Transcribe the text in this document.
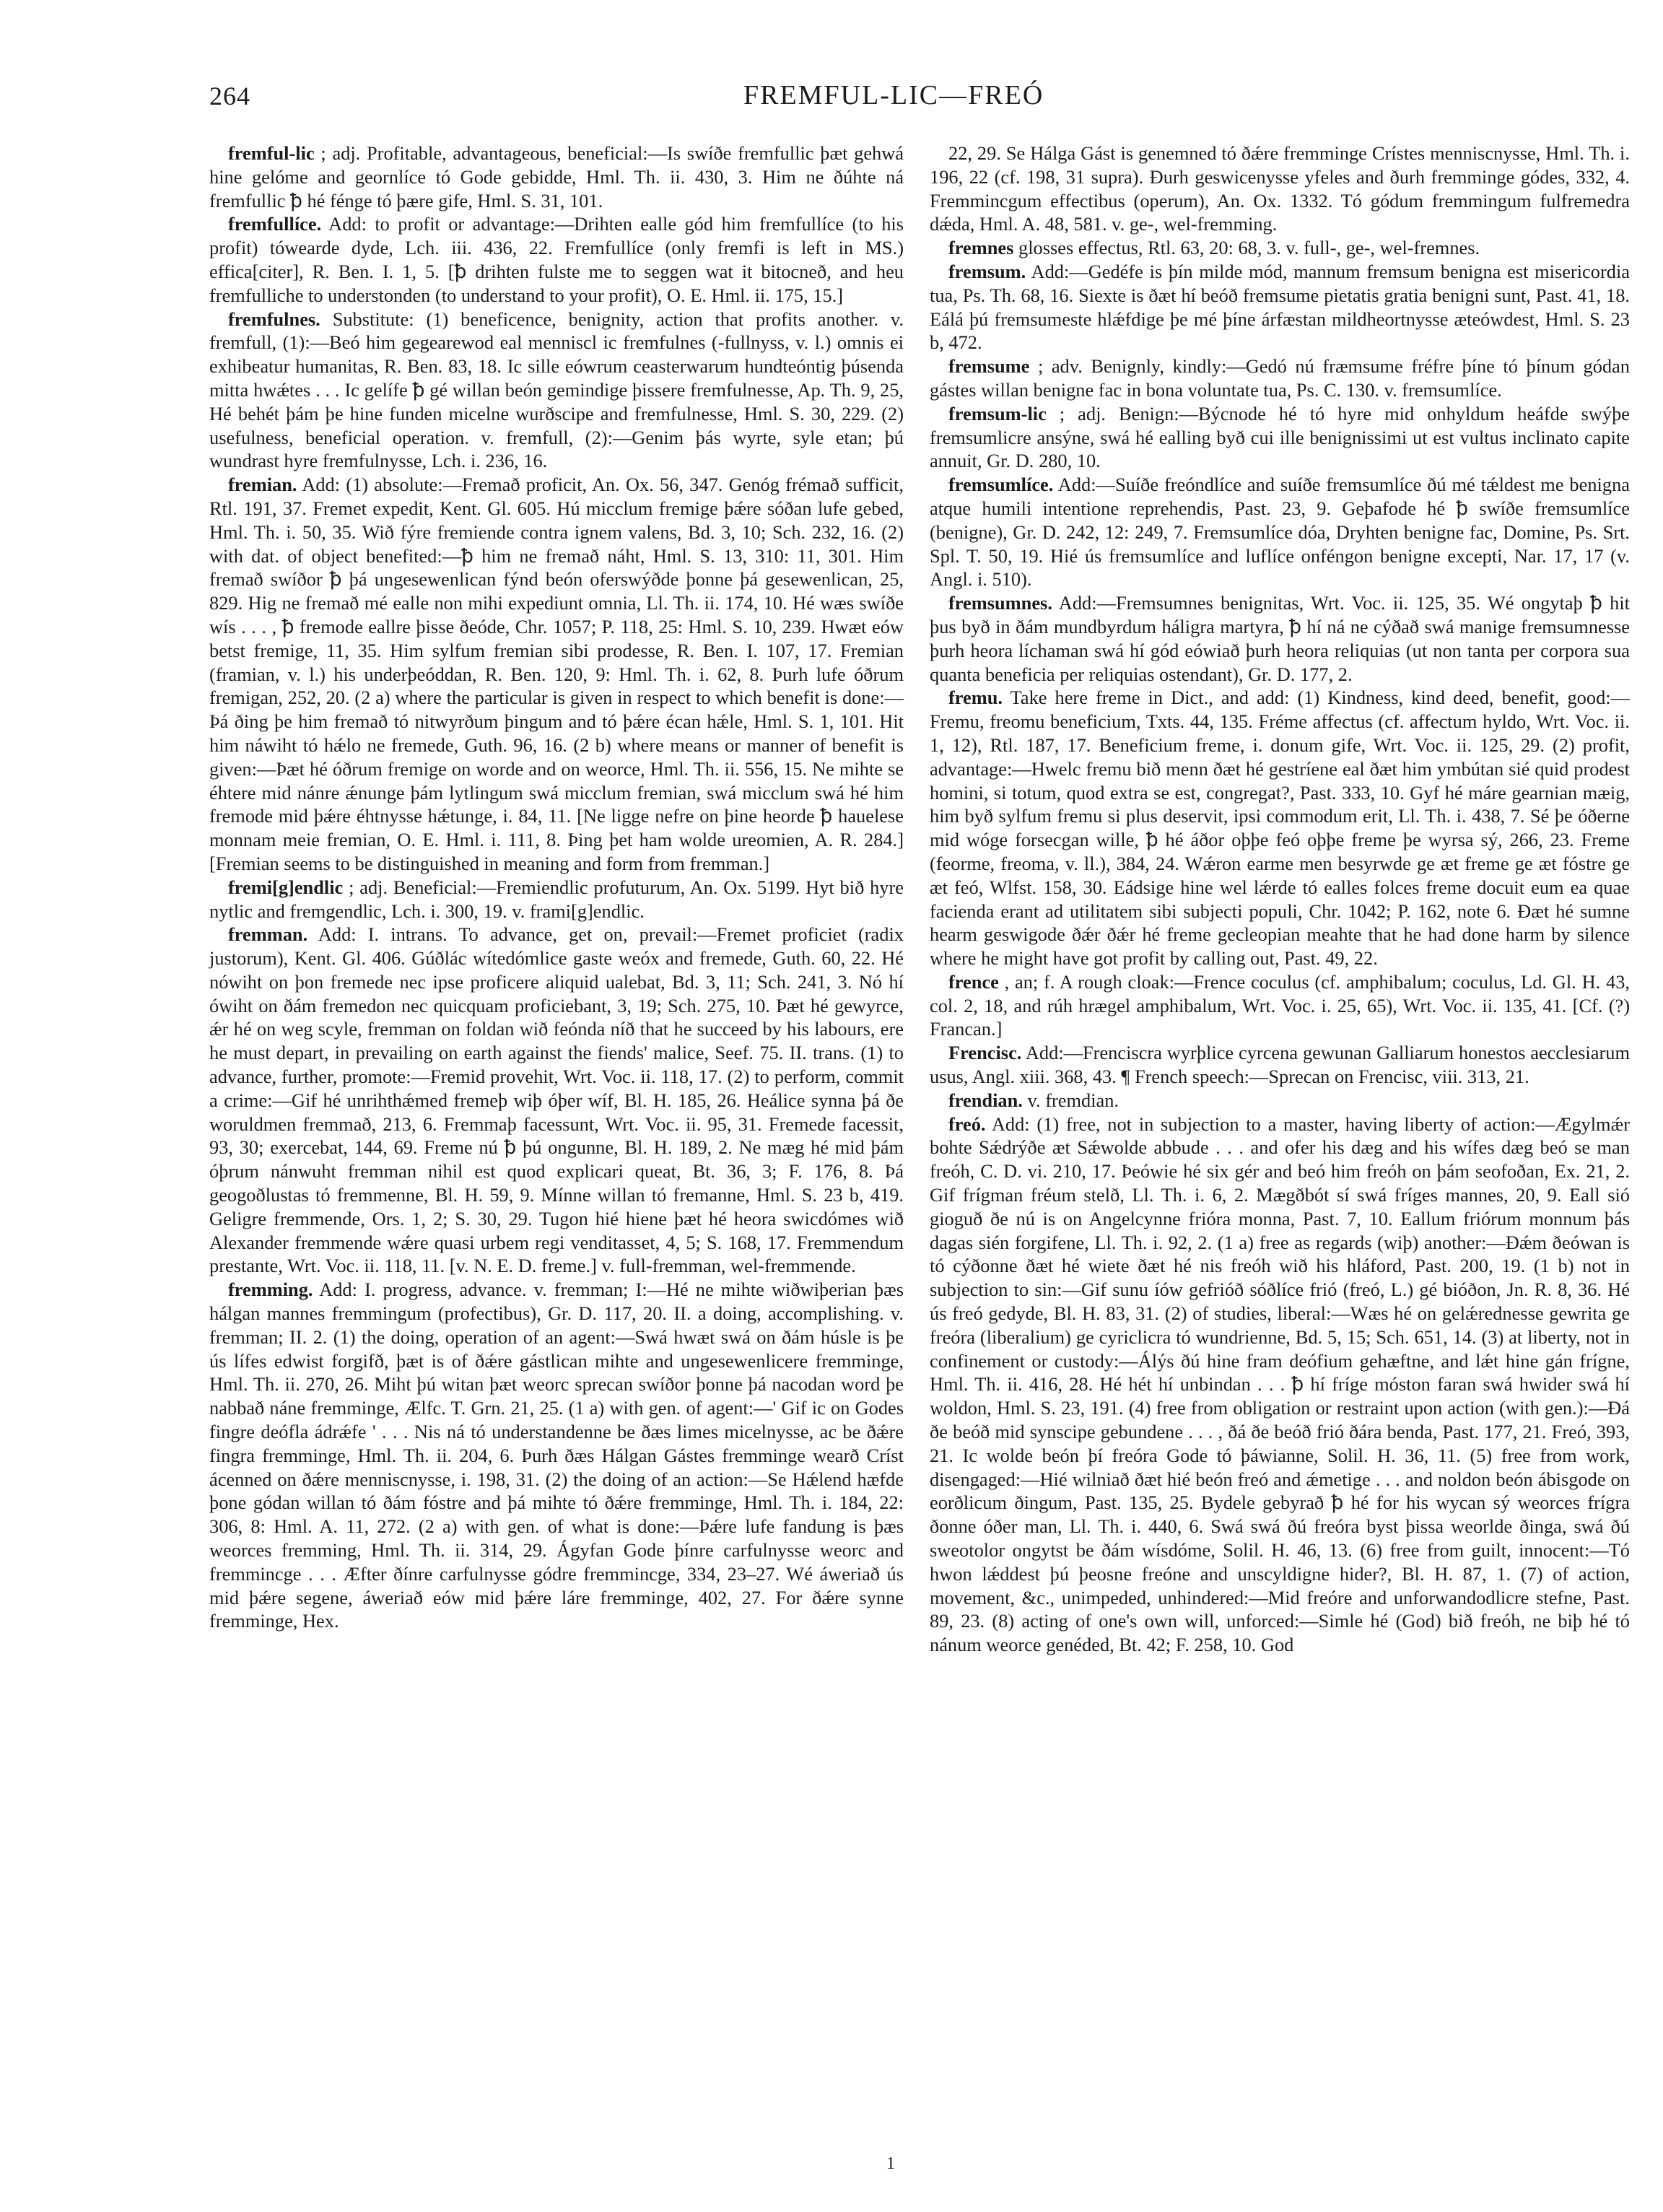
264	FREMFUL-LIC—FREÓ

fremful-lic ; adj. Profitable, advantageous, beneficial:—Is swíðe fremfullic þæt gehwá hine gelóme and geornlíce tó Gode gebidde, Hml. Th. ii. 430, 3. Him ne ðúhte ná fremfullic ꝥ hé fénge tó þære gife, Hml. S. 31, 101.

fremfullíce. Add: to profit or advantage:—Drihten ealle gód him fremfullíce (to his profit) tówearde dyde, Lch. iii. 436, 22. Fremfullíce (only fremfi is left in MS.) effica[citer], R. Ben. I. 1, 5. [ꝥ drihten fulste me to seggen wat it bitocneð, and heu fremfulliche to understonden (to understand to your profit), O. E. Hml. ii. 175, 15.]

fremfulnes. Substitute: (1) beneficence, benignity, action that profits another. v. fremfull, (1):—Beó him gegearewod eal menniscl ic fremfulnes (-fullnyss, v. l.) omnis ei exhibeatur humanitas, R. Ben. 83, 18. Ic sille eówrum ceasterwarum hundteóntig þúsenda mitta hwǽtes . . . Ic gelífe ꝥ gé willan beón gemindige þissere fremfulnesse, Ap. Th. 9, 25, Hé behét þám þe hine funden micelne wurðscipe and fremfulnesse, Hml. S. 30, 229. (2) usefulness, beneficial operation. v. fremfull, (2):—Genim þás wyrte, syle etan; þú wundrast hyre fremfulnysse, Lch. i. 236, 16.

fremian. Add: (1) absolute:—Fremað proficit, An. Ox. 56, 347. Genóg frémað sufficit, Rtl. 191, 37. Fremet expedit, Kent. Gl. 605. Hú micclum fremige þǽre sóðan lufe gebed, Hml. Th. i. 50, 35. Wið fýre fremiende contra ignem valens, Bd. 3, 10; Sch. 232, 16. (2) with dat. of object benefited:—ꝥ him ne fremað náht, Hml. S. 13, 310: 11, 301. Him fremað swíðor ꝥ þá ungesewenlican fýnd beón oferswýðde þonne þá gesewenlican, 25, 829. Hig ne fremað mé ealle non mihi expediunt omnia, Ll. Th. ii. 174, 10. Hé wæs swíðe wís . . . , ꝥ fremode eallre þisse ðeóde, Chr. 1057; P. 118, 25: Hml. S. 10, 239. Hwæt eów betst fremige, 11, 35. Him sylfum fremian sibi prodesse, R. Ben. I. 107, 17. Fremian (framian, v. l.) his underþeóddan, R. Ben. 120, 9: Hml. Th. i. 62, 8. Þurh lufe óðrum fremigan, 252, 20. (2 a) where the particular is given in respect to which benefit is done:—Þá ðing þe him fremað tó nitwyrðum þingum and tó þǽre écan hǽle, Hml. S. 1, 101. Hit him náwiht tó hǽlo ne fremede, Guth. 96, 16. (2 b) where means or manner of benefit is given:—Þæt hé óðrum fremige on worde and on weorce, Hml. Th. ii. 556, 15. Ne mihte se éhtere mid nánre ǽnunge þám lytlingum swá micclum fremian, swá micclum swá hé him fremode mid þǽre éhtnysse hǽtunge, i. 84, 11. [Ne ligge nefre on þine heorde ꝥ hauelese monnam meie fremian, O. E. Hml. i. 111, 8. Þing þet ham wolde ureomien, A. R. 284.] [Fremian seems to be distinguished in meaning and form from fremman.]

fremi[g]endlic ; adj. Beneficial:—Fremiendlic profuturum, An. Ox. 5199. Hyt bið hyre nytlic and fremgendlic, Lch. i. 300, 19. v. frami[g]endlic.

fremman. Add: I. intrans. To advance, get on, prevail:—Fremet proficiet (radix justorum), Kent. Gl. 406. Gúðlác wítedómlice gaste weóx and fremede, Guth. 60, 22. Hé nówiht on þon fremede nec ipse proficere aliquid ualebat, Bd. 3, 11; Sch. 241, 3. Nó hí ówiht on ðám fremedon nec quicquam proficiebant, 3, 19; Sch. 275, 10. Þæt hé gewyrce, ǽr hé on weg scyle, fremman on foldan wið feónda níð that he succeed by his labours, ere he must depart, in prevailing on earth against the fiends' malice, Seef. 75. II. trans. (1) to advance, further, promote:—Fremid provehit, Wrt. Voc. ii. 118, 17. (2) to perform, commit a crime:—Gif hé unrihthǽmed fremeþ wiþ óþer wíf, Bl. H. 185, 26. Heálice synna þá ðe woruldmen fremmað, 213, 6. Fremmaþ facessunt, Wrt. Voc. ii. 95, 31. Fremede facessit, 93, 30; exercebat, 144, 69. Freme nú ꝥ þú ongunne, Bl. H. 189, 2. Ne mæg hé mid þám óþrum nánwuht fremman nihil est quod explicari queat, Bt. 36, 3; F. 176, 8. Þá geogoðlustas tó fremmenne, Bl. H. 59, 9. Mínne willan tó fremanne, Hml. S. 23 b, 419. Geligre fremmende, Ors. 1, 2; S. 30, 29. Tugon hié hiene þæt hé heora swicdómes wið Alexander fremmende wǽre quasi urbem regi venditasset, 4, 5; S. 168, 17. Fremmendum prestante, Wrt. Voc. ii. 118, 11. [v. N. E. D. freme.] v. full-fremman, wel-fremmende.

fremming. Add: I. progress, advance. v. fremman; I:—Hé ne mihte wiðwiþerian þæs hálgan mannes fremmingum (profectibus), Gr. D. 117, 20. II. a doing, accomplishing. v. fremman; II. 2. (1) the doing, operation of an agent:—Swá hwæt swá on ðám húsle is þe ús lífes edwist forgifð, þæt is of ðǽre gástlican mihte and ungesewenlicere fremminge, Hml. Th. ii. 270, 26. Miht þú witan þæt weorc sprecan swíðor þonne þá nacodan word þe nabbað náne fremminge, Ælfc. T. Grn. 21, 25. (1 a) with gen. of agent:—' Gif ic on Godes fingre deófla ádrǽfe ' . . . Nis ná tó understandenne be ðæs limes micelnysse, ac be ðǽre fingra fremminge, Hml. Th. ii. 204, 6. Þurh ðæs Hálgan Gástes fremminge wearð Críst ácenned on ðǽre menniscnysse, i. 198, 31. (2) the doing of an action:—Se Hǽlend hæfde þone gódan willan tó ðám fóstre and þá mihte tó ðǽre fremminge, Hml. Th. i. 184, 22: 306, 8: Hml. A. 11, 272. (2 a) with gen. of what is done:—Þǽre lufe fandung is þæs weorces fremming, Hml. Th. ii. 314, 29. Ágyfan Gode þínre carfulnysse weorc and fremmincge . . . Æfter ðínre carfulnysse gódre fremmincge, 334, 23–27. Wé áweriað ús mid þǽre segene, áweriað eów mid þǽre láre fremminge, 402, 27. For ðǽre synne fremminge, Hex.

22, 29. Se Hálga Gást is genemned tó ðǽre fremminge Crístes menniscnysse, Hml. Th. i. 196, 22 (cf. 198, 31 supra). Ðurh geswicenysse yfeles and ðurh fremminge gódes, 332, 4. Fremmincgum effectibus (operum), An. Ox. 1332. Tó gódum fremmingum fulfremedra dǽda, Hml. A. 48, 581. v. ge-, wel-fremming.

fremnes glosses effectus, Rtl. 63, 20: 68, 3. v. full-, ge-, wel-fremnes.

fremsum. Add:—Gedéfe is þín milde mód, mannum fremsum benigna est misericordia tua, Ps. Th. 68, 16. Siexte is ðæt hí beóð fremsume pietatis gratia benigni sunt, Past. 41, 18. Eálá þú fremsumeste hlǽfdige þe mé þíne árfæstan mildheortnysse æteówdest, Hml. S. 23 b, 472.

fremsume ; adv. Benignly, kindly:—Gedó nú fræmsume fréfre þíne tó þínum gódan gástes willan benigne fac in bona voluntate tua, Ps. C. 130. v. fremsumlíce.

fremsum-lic ; adj. Benign:—Býcnode hé tó hyre mid onhyldum heáfde swýþe fremsumlicre ansýne, swá hé ealling byð cui ille benignissimi ut est vultus inclinato capite annuit, Gr. D. 280, 10.

fremsumlíce. Add:—Suíðe freóndlíce and suíðe fremsumlíce ðú mé tǽldest me benigna atque humili intentione reprehendis, Past. 23, 9. Geþafode hé ꝥ swíðe fremsumlíce (benigne), Gr. D. 242, 12: 249, 7. Fremsumlíce dóa, Dryhten benigne fac, Domine, Ps. Srt. Spl. T. 50, 19. Hié ús fremsumlíce and luflíce onféngon benigne excepti, Nar. 17, 17 (v. Angl. i. 510).

fremsumnes. Add:—Fremsumnes benignitas, Wrt. Voc. ii. 125, 35. Wé ongytaþ ꝥ hit þus byð in ðám mundbyrdum háligra martyra, ꝥ hí ná ne cýðað swá manige fremsumnesse þurh heora líchaman swá hí gód eówiað þurh heora reliquias (ut non tanta per corpora sua quanta beneficia per reliquias ostendant), Gr. D. 177, 2.

fremu. Take here freme in Dict., and add: (1) Kindness, kind deed, benefit, good:—Fremu, freomu beneficium, Txts. 44, 135. Fréme affectus (cf. affectum hyldo, Wrt. Voc. ii. 1, 12), Rtl. 187, 17. Beneficium freme, i. donum gife, Wrt. Voc. ii. 125, 29. (2) profit, advantage:—Hwelc fremu bið menn ðæt hé gestríene eal ðæt him ymbútan sié quid prodest homini, si totum, quod extra se est, congregat?, Past. 333, 10. Gyf hé máre gearnian mæig, him byð sylfum fremu si plus deservit, ipsi commodum erit, Ll. Th. i. 438, 7. Sé þe óðerne mid wóge forsecgan wille, ꝥ hé áðor oþþe feó oþþe freme þe wyrsa sý, 266, 23. Freme (feorme, freoma, v. ll.), 384, 24. Wǽron earme men besyrwde ge æt freme ge æt fóstre ge æt feó, Wlfst. 158, 30. Eádsige hine wel lǽrde tó ealles folces freme docuit eum ea quae facienda erant ad utilitatem sibi subjecti populi, Chr. 1042; P. 162, note 6. Ðæt hé sumne hearm geswigode ðǽr ðǽr hé freme gecleopian meahte that he had done harm by silence where he might have got profit by calling out, Past. 49, 22.

frence , an; f. A rough cloak:—Frence coculus (cf. amphibalum; coculus, Ld. Gl. H. 43, col. 2, 18, and rúh hrægel amphibalum, Wrt. Voc. i. 25, 65), Wrt. Voc. ii. 135, 41. [Cf. (?) Francan.]

Frencisc. Add:—Frenciscra wyrþlice cyrcena gewunan Galliarum honestos aecclesiarum usus, Angl. xiii. 368, 43. ¶ French speech:—Sprecan on Frencisc, viii. 313, 21.

frendian. v. fremdian.

freó. Add: (1) free, not in subjection to a master, having liberty of action:—Ægylmǽr bohte Sǽdrýðe æt Sǽwolde abbude . . . and ofer his dæg and his wífes dæg beó se man freóh, C. D. vi. 210, 17. Þeówie hé six gér and beó him freóh on þám seofoðan, Ex. 21, 2. Gif frígman fréum stelð, Ll. Th. i. 6, 2. Mægðbót sí swá fríges mannes, 20, 9. Eall sió gioguð ðe nú is on Angelcynne frióra monna, Past. 7, 10. Eallum friórum monnum þás dagas sién forgifene, Ll. Th. i. 92, 2. (1 a) free as regards (wiþ) another:—Ðǽm ðeówan is tó cýðonne ðæt hé wiete ðæt hé nis freóh wið his hláford, Past. 200, 19. (1 b) not in subjection to sin:—Gif sunu íów gefrióð sóðlíce frió (freó, L.) gé bióðon, Jn. R. 8, 36. Hé ús freó gedyde, Bl. H. 83, 31. (2) of studies, liberal:—Wæs hé on gelǽrednesse gewrita ge freóra (liberalium) ge cyriclicra tó wundrienne, Bd. 5, 15; Sch. 651, 14. (3) at liberty, not in confinement or custody:—Álýs ðú hine fram deófium gehæftne, and lǽt hine gán frígne, Hml. Th. ii. 416, 28. Hé hét hí unbindan . . . ꝥ hí fríge móston faran swá hwider swá hí woldon, Hml. S. 23, 191. (4) free from obligation or restraint upon action (with gen.):—Ðá ðe beóð mid synscipe gebundene . . . , ðá ðe beóð frió ðára benda, Past. 177, 21. Freó, 393, 21. Ic wolde beón þí freóra Gode tó þáwianne, Solil. H. 36, 11. (5) free from work, disengaged:—Hié wilniað ðæt hié beón freó and ǽmetige . . . and noldon beón ábisgode on eorðlicum ðingum, Past. 135, 25. Bydele gebyrað ꝥ hé for his wycan sý weorces frígra ðonne óðer man, Ll. Th. i. 440, 6. Swá swá ðú freóra byst þissa weorlde ðinga, swá ðú sweotolor ongytst be ðám wísdóme, Solil. H. 46, 13. (6) free from guilt, innocent:—Tó hwon lǽddest þú þeosne freóne and unscyldigne hider?, Bl. H. 87, 1. (7) of action, movement, &c., unimpeded, unhindered:—Mid freóre and unforwandodlicre stefne, Past. 89, 23. (8) acting of one's own will, unforced:—Simle hé (God) bið freóh, ne biþ hé tó nánum weorce genéded, Bt. 42; F. 258, 10. God

1
